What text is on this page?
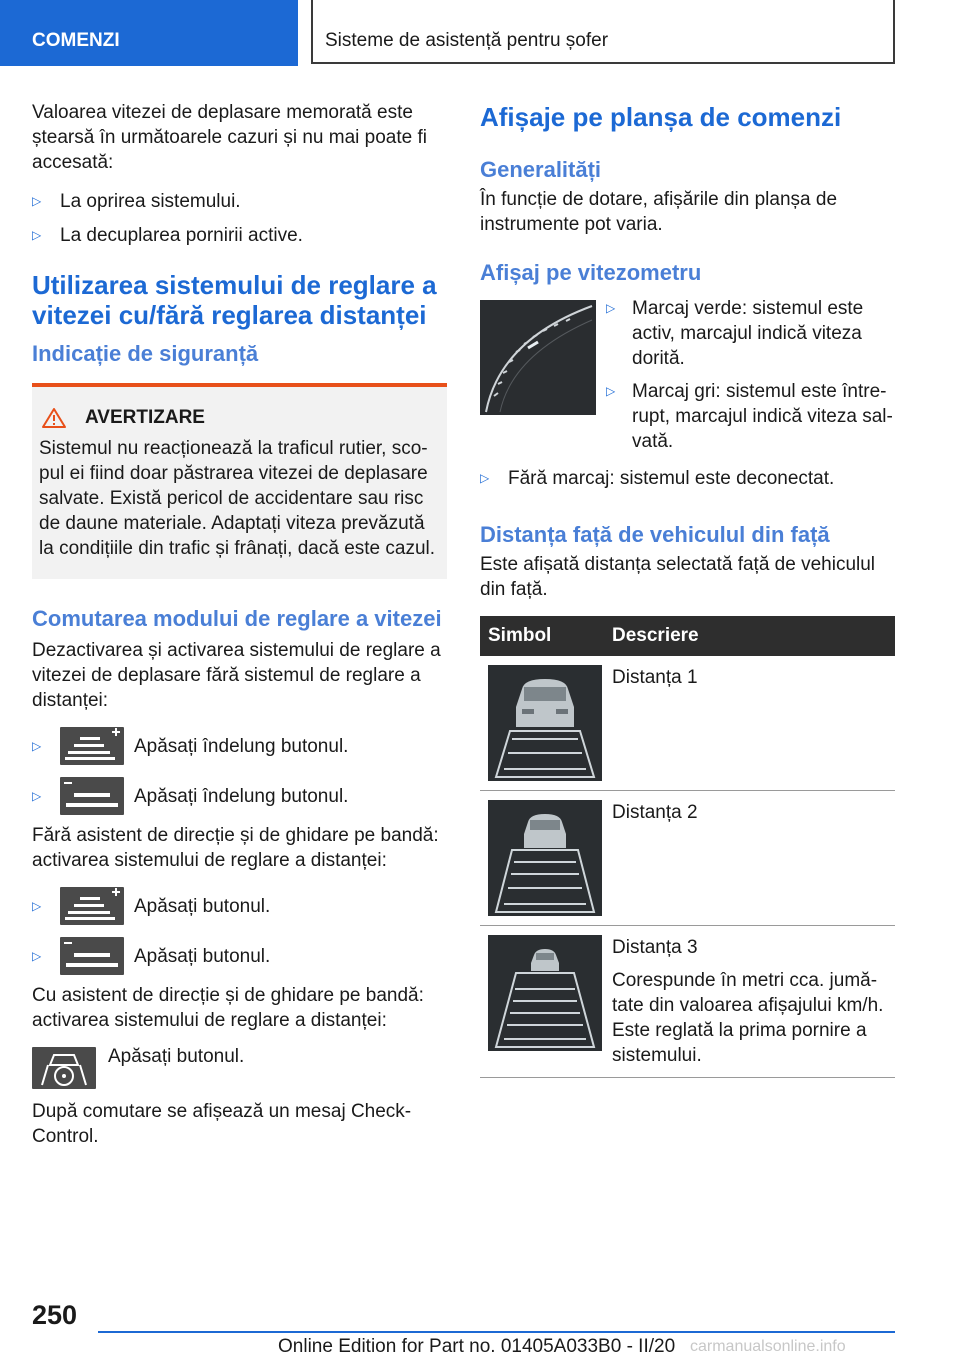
COMENZI	Sisteme de asistență pentru șofer

Valoarea vitezei de deplasare memorată este ștearsă în următoarele cazuri și nu mai poate fi accesată:

▷ La oprirea sistemului.
▷ La decuplarea pornirii active.
Utilizarea sistemului de reglare a vitezei cu/fără reglarea distanței
Indicație de siguranță
AVERTIZARE

Sistemul nu reacționează la traficul rutier, scopul ei fiind doar păstrarea vitezei de deplasare salvate. Există pericol de accidentare sau risc de daune materiale. Adaptați viteza prevăzută la condițiile din trafic și frânați, dacă este cazul.

Comutarea modului de reglare a vitezei

Dezactivarea și activarea sistemului de reglare a vitezei de deplasare fără sistemul de reglare a distanței:

▷	Apăsați îndelung butonul.
▷	Apăsați îndelung butonul.

Fără asistent de direcție și de ghidare pe bandă: activarea sistemului de reglare a distanței:

▷	Apăsați butonul.
▷	Apăsați butonul.

Cu asistent de direcție și de ghidare pe bandă: activarea sistemului de reglare a distanței:

Apăsați butonul.

După comutare se afișează un mesaj Check-Control.

Afișaje pe planșa de comenzi
Generalități

În funcție de dotare, afișările din planșa de instrumente pot varia.

Afișaj pe vitezometru
▷ Marcaj verde: sistemul este activ, marcajul indică viteza dorită.
▷ Marcaj gri: sistemul este întrerupt, marcajul indică viteza salvată.
▷ Fără marcaj: sistemul este deconectat.
Distanța față de vehiculul din față

Este afișată distanța selectată față de vehiculul din față.

Simbol	Descriere

	Distanța 1

	Distanța 2

Distanța 3
Corespunde în metri cca. jumătate din valoarea afișajului km/h. Este reglată la prima pornire a sistemului.
250
Online Edition for Part no. 01405A033B0 - II/20 carmanualsonline.info
